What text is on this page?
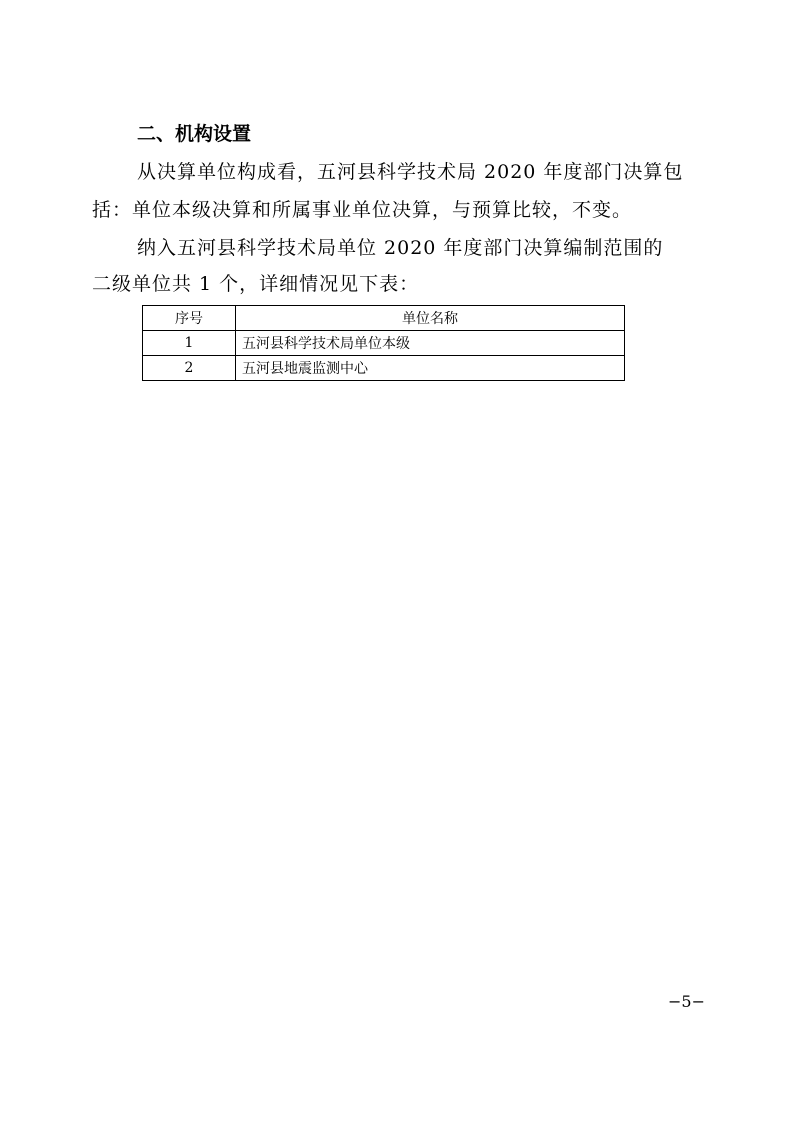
二、机构设置
从决算单位构成看，五河县科学技术局 2020 年度部门决算包
括：单位本级决算和所属事业单位决算，与预算比较，不变。
纳入五河县科学技术局单位 2020 年度部门决算编制范围的
二级单位共 1 个，详细情况见下表：
序号	单位名称
1	五河县科学技术局单位本级
2	五河县地震监测中心
−5−
